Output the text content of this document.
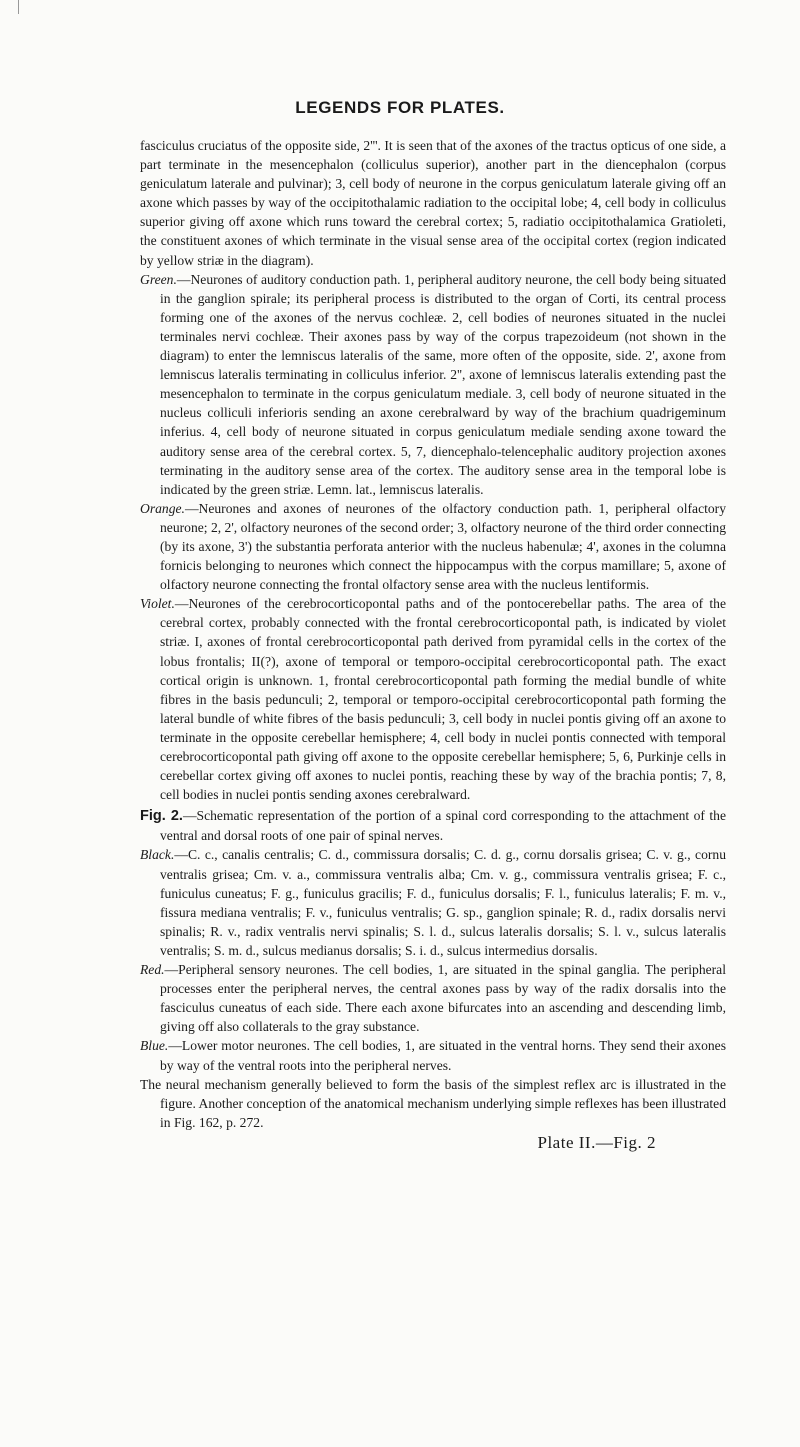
LEGENDS FOR PLATES.

fasciculus cruciatus of the opposite side, 2'''. It is seen that of the axones of the tractus opticus of one side, a part terminate in the mesencephalon (colliculus superior), another part in the diencephalon (corpus geniculatum laterale and pulvinar); 3, cell body of neurone in the corpus geniculatum laterale giving off an axone which passes by way of the occipitothalamic radiation to the occipital lobe; 4, cell body in colliculus superior giving off axone which runs toward the cerebral cortex; 5, radiatio occipitothalamica Gratioleti, the constituent axones of which terminate in the visual sense area of the occipital cortex (region indicated by yellow striæ in the diagram).

Green.—Neurones of auditory conduction path. 1, peripheral auditory neurone, the cell body being situated in the ganglion spirale; its peripheral process is distributed to the organ of Corti, its central process forming one of the axones of the nervus cochleæ. 2, cell bodies of neurones situated in the nuclei terminales nervi cochleæ. Their axones pass by way of the corpus trapezoideum (not shown in the diagram) to enter the lemniscus lateralis of the same, more often of the opposite, side. 2', axone from lemniscus lateralis terminating in colliculus inferior. 2'', axone of lemniscus lateralis extending past the mesencephalon to terminate in the corpus geniculatum mediale. 3, cell body of neurone situated in the nucleus colliculi inferioris sending an axone cerebralward by way of the brachium quadrigeminum inferius. 4, cell body of neurone situated in corpus geniculatum mediale sending axone toward the auditory sense area of the cerebral cortex. 5, 7, diencephalo-telencephalic auditory projection axones terminating in the auditory sense area of the cortex. The auditory sense area in the temporal lobe is indicated by the green striæ. Lemn. lat., lemniscus lateralis.

Orange.—Neurones and axones of neurones of the olfactory conduction path. 1, peripheral olfactory neurone; 2, 2', olfactory neurones of the second order; 3, olfactory neurone of the third order connecting (by its axone, 3') the substantia perforata anterior with the nucleus habenulæ; 4', axones in the columna fornicis belonging to neurones which connect the hippocampus with the corpus mamillare; 5, axone of olfactory neurone connecting the frontal olfactory sense area with the nucleus lentiformis.

Violet.—Neurones of the cerebrocorticopontal paths and of the pontocerebellar paths. The area of the cerebral cortex, probably connected with the frontal cerebrocorticopontal path, is indicated by violet striæ. I, axones of frontal cerebrocorticopontal path derived from pyramidal cells in the cortex of the lobus frontalis; II(?), axone of temporal or temporo-occipital cerebrocorticopontal path. The exact cortical origin is unknown. 1, frontal cerebrocorticopontal path forming the medial bundle of white fibres in the basis pedunculi; 2, temporal or temporo-occipital cerebrocorticopontal path forming the lateral bundle of white fibres of the basis pedunculi; 3, cell body in nuclei pontis giving off an axone to terminate in the opposite cerebellar hemisphere; 4, cell body in nuclei pontis connected with temporal cerebrocorticopontal path giving off axone to the opposite cerebellar hemisphere; 5, 6, Purkinje cells in cerebellar cortex giving off axones to nuclei pontis, reaching these by way of the brachia pontis; 7, 8, cell bodies in nuclei pontis sending axones cerebralward.

Fig. 2.—Schematic representation of the portion of a spinal cord corresponding to the attachment of the ventral and dorsal roots of one pair of spinal nerves.

Black.—C. c., canalis centralis; C. d., commissura dorsalis; C. d. g., cornu dorsalis grisea; C. v. g., cornu ventralis grisea; Cm. v. a., commissura ventralis alba; Cm. v. g., commissura ventralis grisea; F. c., funiculus cuneatus; F. g., funiculus gracilis; F. d., funiculus dorsalis; F. l., funiculus lateralis; F. m. v., fissura mediana ventralis; F. v., funiculus ventralis; G. sp., ganglion spinale; R. d., radix dorsalis nervi spinalis; R. v., radix ventralis nervi spinalis; S. l. d., sulcus lateralis dorsalis; S. l. v., sulcus lateralis ventralis; S. m. d., sulcus medianus dorsalis; S. i. d., sulcus intermedius dorsalis.

Red.—Peripheral sensory neurones. The cell bodies, 1, are situated in the spinal ganglia. The peripheral processes enter the peripheral nerves, the central axones pass by way of the radix dorsalis into the fasciculus cuneatus of each side. There each axone bifurcates into an ascending and descending limb, giving off also collaterals to the gray substance.

Blue.—Lower motor neurones. The cell bodies, 1, are situated in the ventral horns. They send their axones by way of the ventral roots into the peripheral nerves.

The neural mechanism generally believed to form the basis of the simplest reflex arc is illustrated in the figure. Another conception of the anatomical mechanism underlying simple reflexes has been illustrated in Fig. 162, p. 272.

Plate II.—Fig. 2
